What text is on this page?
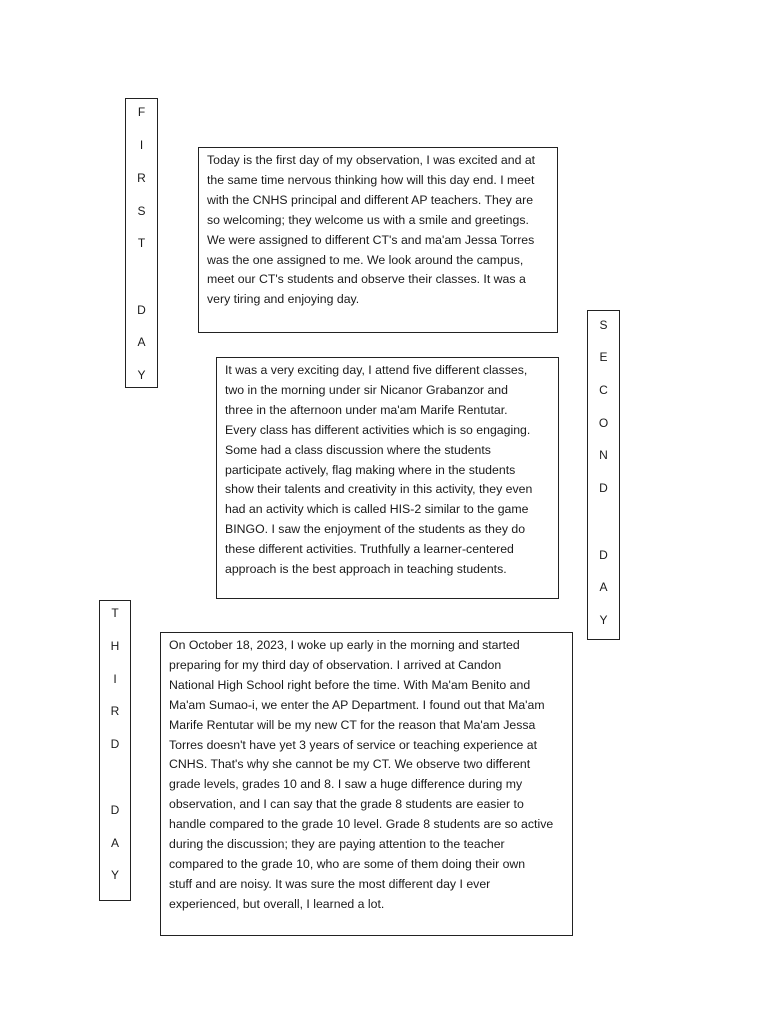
F
I
R
S
T
D
A
Y
Today is the first day of my observation, I was excited and at
the same time nervous thinking how will this day end. I meet
with the CNHS principal and different AP teachers. They are
so welcoming; they welcome us with a smile and greetings.
We were assigned to different CT's and ma'am Jessa Torres
was the one assigned to me. We look around the campus,
meet our CT's students and observe their classes. It was a
very tiring and enjoying day.
S
E
C
O
N
D
D
A
Y
It was a very exciting day, I attend five different classes,
two in the morning under sir Nicanor Grabanzor and
three in the afternoon under ma'am Marife Rentutar.
Every class has different activities which is so engaging.
Some had a class discussion where the students
participate actively, flag making where in the students
show their talents and creativity in this activity, they even
had an activity which is called HIS-2 similar to the game
BINGO. I saw the enjoyment of the students as they do
these different activities. Truthfully a learner-centered
approach is the best approach in teaching students.
T
H
I
R
D
D
A
Y
On October 18, 2023, I woke up early in the morning and started
preparing for my third day of observation. I arrived at Candon
National High School right before the time. With Ma'am Benito and
Ma'am Sumao-i, we enter the AP Department. I found out that Ma'am
Marife Rentutar will be my new CT for the reason that Ma'am Jessa
Torres doesn't have yet 3 years of service or teaching experience at
CNHS. That's why she cannot be my CT. We observe two different
grade levels, grades 10 and 8. I saw a huge difference during my
observation, and I can say that the grade 8 students are easier to
handle compared to the grade 10 level. Grade 8 students are so active
during the discussion; they are paying attention to the teacher
compared to the grade 10, who are some of them doing their own
stuff and are noisy. It was sure the most different day I ever
experienced, but overall, I learned a lot.
